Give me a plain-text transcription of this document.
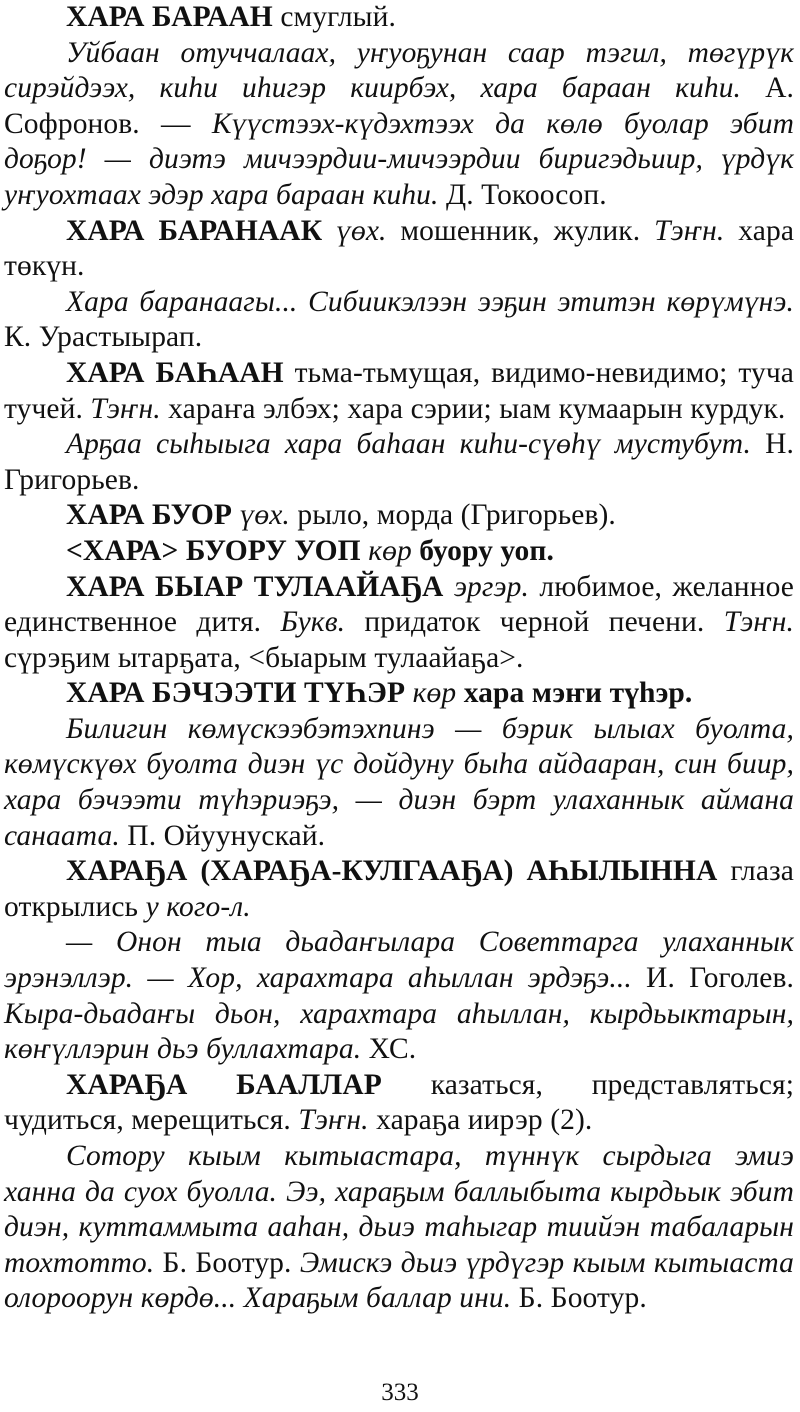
ХАРА БАРААН смуглый.

Уйбаан отуччалаах, уҥуоҕунан саар тэгил, төгүрүк сирэйдээх, киhи иhигэр киирбэх, хара бараан киhи. А. Софронов. — Күүстээх-күдэхтээх да көлө буолар эбит доҕор! — диэтэ мичээрдии-мичээрдии биригэдьиир, үрдүк уҥуохтаах эдэр хара бараан киhи. Д. Токоосоп.

ХАРА БАРАНААК үөх. мошенник, жулик. Тэҥн. хара төкүн.

Хара баранаагы... Сибиикэлээн ээҕин этитэн көрүмүнэ. К. Урастыырап.

ХАРА БАҺААН тьма-тьмущая, видимо-невидимо; туча тучей. Тэҥн. хараҥа элбэх; хара сэрии; ыам кумаарын курдук.

Арҕаа сыhыыга хара баhаан киhи-сүөhү мустубут. Н. Григорьев.

ХАРА БУОР үөх. рыло, морда (Григорьев).

<ХАРА> БУОРУ УОП көр буору уоп.

ХАРА БЫАР ТУЛААЙАҔА эргэр. любимое, желанное единственное дитя. Букв. придаток черной печени. Тэҥн. сүрэҕим ытарҕата, <быарым тулаайаҕа>.

ХАРА БЭЧЭЭТИ ТҮҺЭР көр хара мэҥи түhэр.

Билигин көмүскээбэтэхпинэ — бэрик ылыах буолта, көмүскүөх буолта диэн үс дойдуну быhа айдааран, син биир, хара бэчээти түhэриэҕэ, — диэн бэрт улаханнык аймана санаата. П. Ойуунускай.

ХАРАҔА (ХАРАҔА-КУЛГААҔА) АҺЫЛЫННА глаза открылись у кого-л.

— Онон тыа дьадаҥылара Советтарга улаханнык эрэнэллэр. — Хор, харахтара аhыллан эрдэҕэ... И. Гоголев. Кыра-дьадаҥы дьон, харахтара аhыллан, кырдьыктарын, көҥүллэрин дьэ буллахтара. ХС.

ХАРАҔА БААЛЛАР казаться, представляться; чудиться, мерещиться. Тэҥн. хараҕа иирэр (2).

Сотору кыым кытыастара, түннүк сырдыга эмиэ ханна да суох буолла. Ээ, хараҕым баллыбыта кырдьык эбит диэн, куттаммыта ааhан, дьиэ таhыгар тиийэн табаларын тохтотто. Б. Боотур. Эмискэ дьиэ үрдүгэр кыым кытыаста олороорун көрдө... Хараҕым баллар ини. Б. Боотур.

333
